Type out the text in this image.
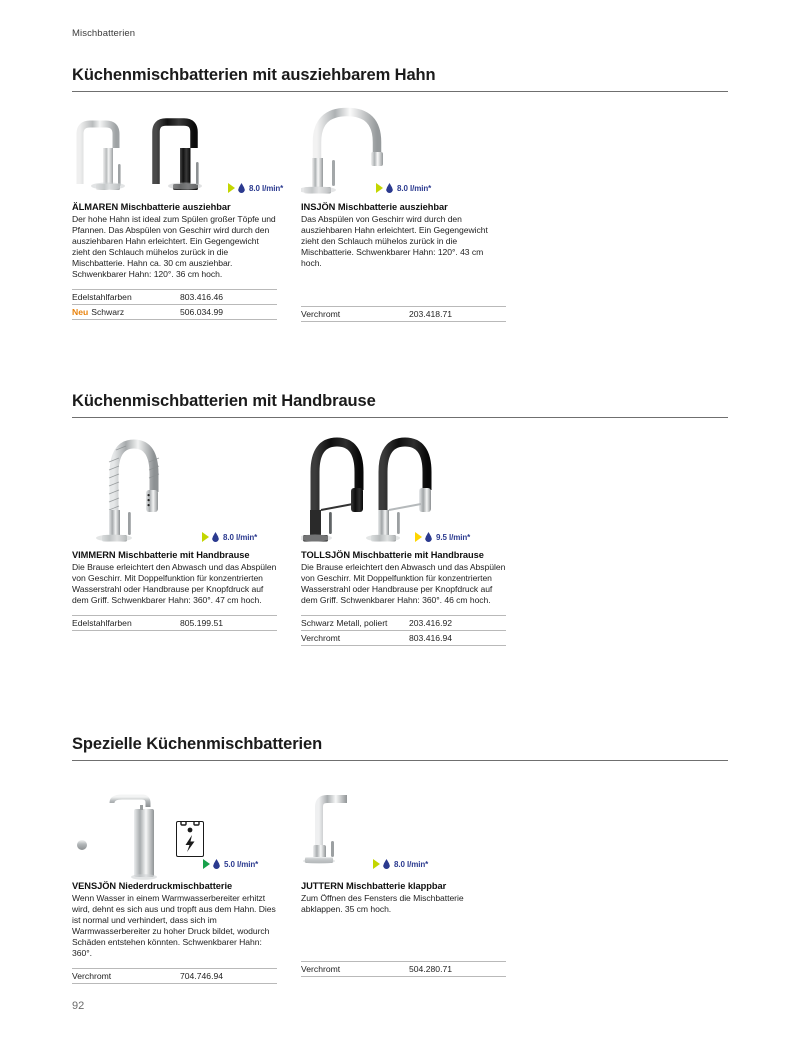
Mischbatterien
Küchenmischbatterien mit ausziehbarem Hahn
8.0 l/min*
ÄLMAREN Mischbatterie ausziehbar
Der hohe Hahn ist ideal zum Spülen großer Töpfe und Pfannen. Das Abspülen von Geschirr wird durch den ausziehbaren Hahn erleichtert. Ein Gegengewicht zieht den Schlauch mühelos zurück in die Mischbatterie. Hahn ca. 30 cm ausziehbar. Schwenkbarer Hahn: 120°. 36 cm hoch.
Edelstahlfarben	803.416.46
Neu Schwarz	506.034.99
8.0 l/min*
INSJÖN Mischbatterie ausziehbar
Das Abspülen von Geschirr wird durch den ausziehbaren Hahn erleichtert. Ein Gegengewicht zieht den Schlauch mühelos zurück in die Mischbatterie. Schwenkbarer Hahn: 120°. 43 cm hoch.
Verchromt	203.418.71
Küchenmischbatterien mit Handbrause
8.0 l/min*
VIMMERN Mischbatterie mit Handbrause
Die Brause erleichtert den Abwasch und das Abspülen von Geschirr. Mit Doppelfunktion für konzentrierten Wasserstrahl oder Handbrause per Knopfdruck auf dem Griff. Schwenkbarer Hahn: 360°. 47 cm hoch.
Edelstahlfarben	805.199.51
9.5 l/min*
TOLLSJÖN Mischbatterie mit Handbrause
Die Brause erleichtert den Abwasch und das Abspülen von Geschirr. Mit Doppelfunktion für konzentrierten Wasserstrahl oder Handbrause per Knopfdruck auf dem Griff. Schwenkbarer Hahn: 360°. 46 cm hoch.
Schwarz Metall, poliert	203.416.92
Verchromt	803.416.94
Spezielle Küchenmischbatterien
5.0 l/min*
VENSJÖN Niederdruckmischbatterie
Wenn Wasser in einem Warmwasserbereiter erhitzt wird, dehnt es sich aus und tropft aus dem Hahn. Dies ist normal und verhindert, dass sich im Warmwasserbereiter zu hoher Druck bildet, wodurch Schäden entstehen könnten. Schwenkbarer Hahn: 360°.
Verchromt	704.746.94
8.0 l/min*
JUTTERN Mischbatterie klappbar
Zum Öffnen des Fensters die Mischbatterie abklappen. 35 cm hoch.
Verchromt	504.280.71
92
